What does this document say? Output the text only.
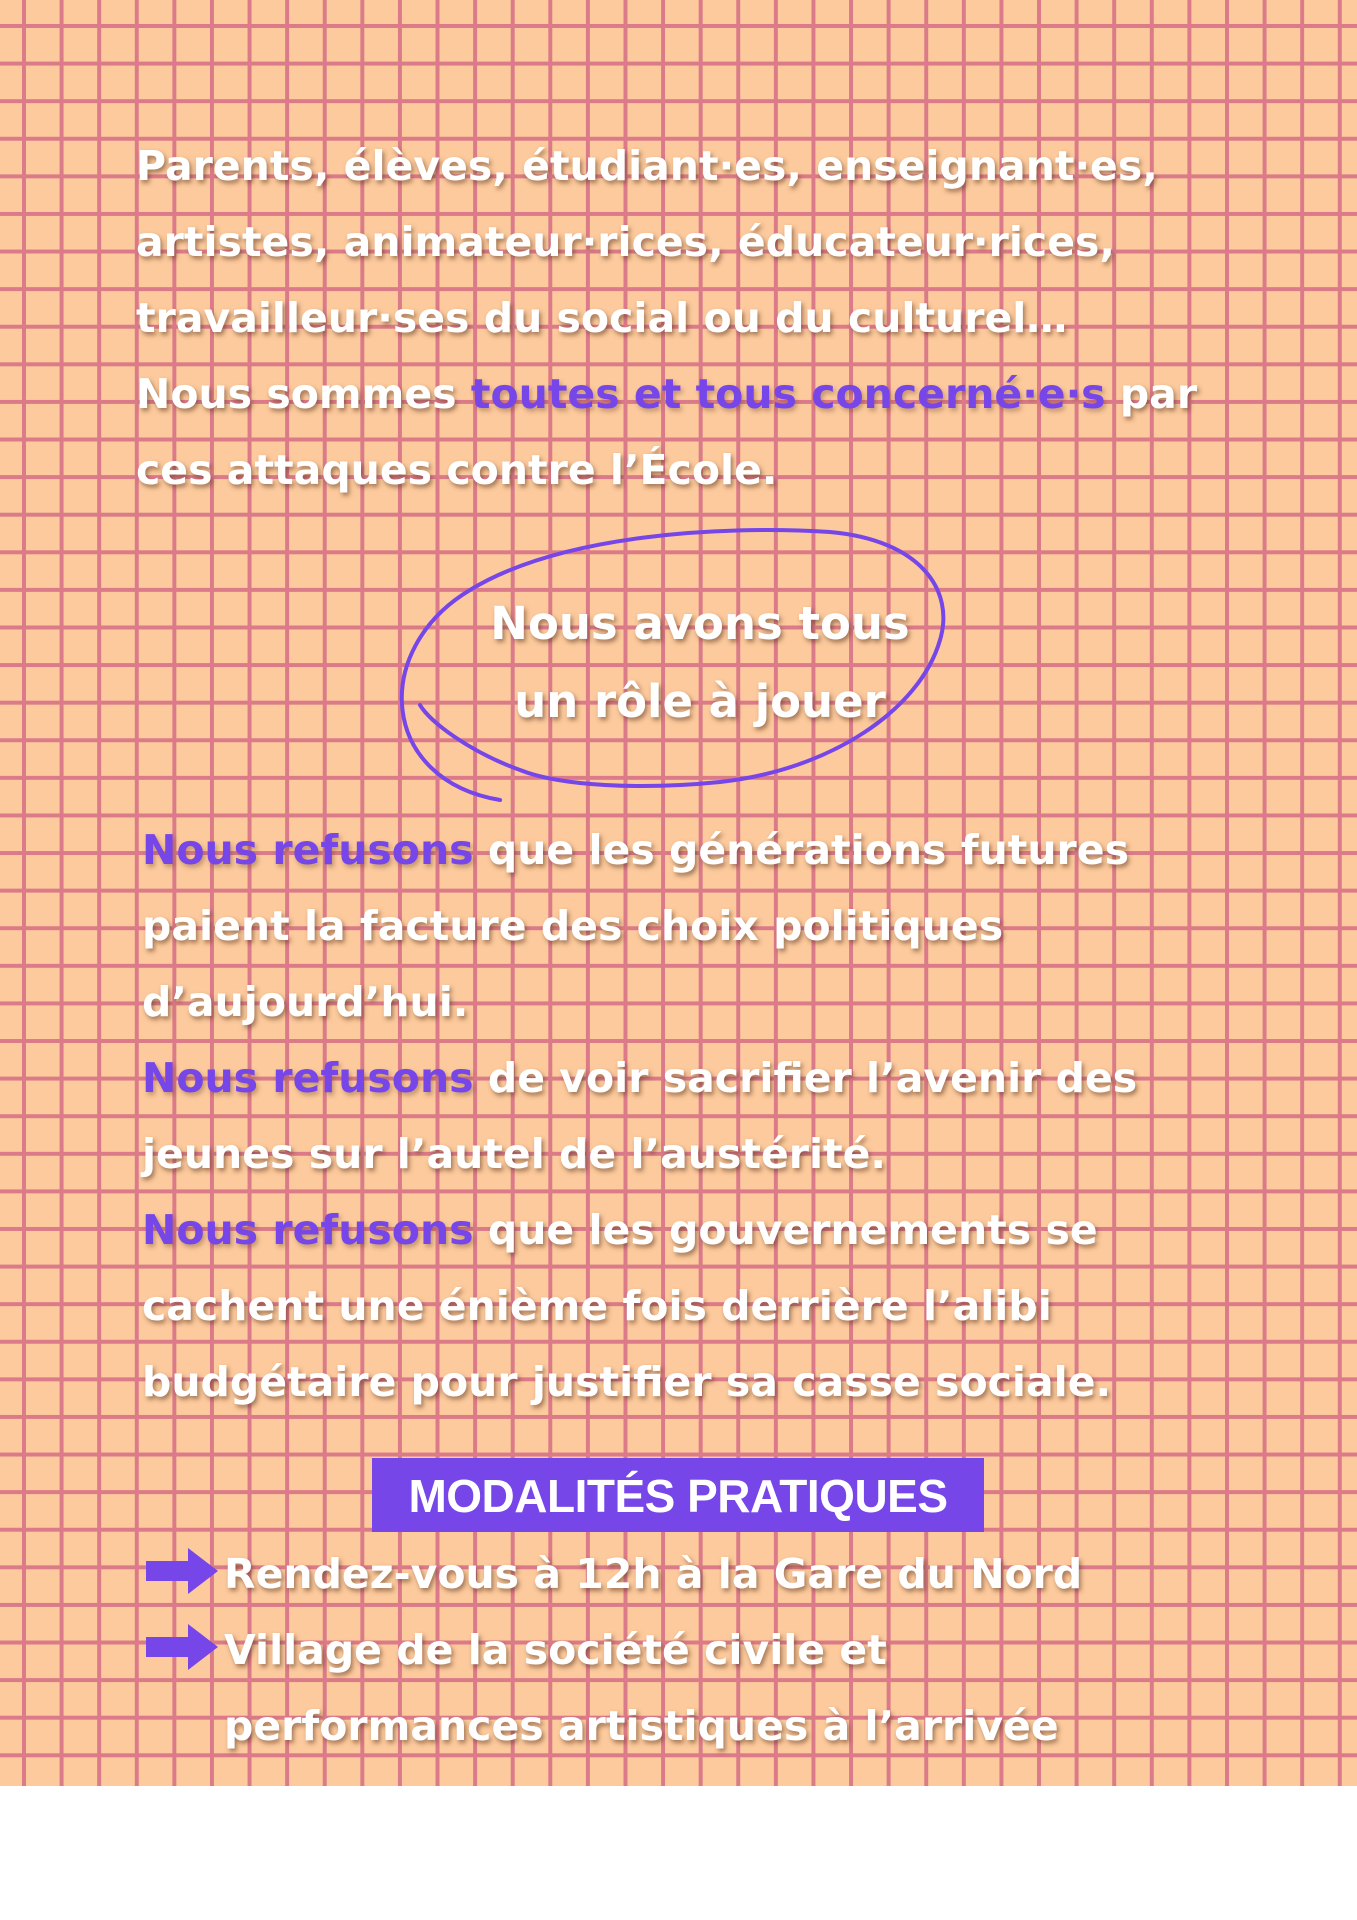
Parents, élèves, étudiant·es, enseignant·es,
artistes, animateur·rices, éducateur·rices,
travailleur·ses du social ou du culturel…
Nous sommes toutes et tous concerné·e·s par
ces attaques contre l’École.
Nous avons tous
un rôle à jouer
Nous refusons que les générations futures
paient la facture des choix politiques
d’aujourd’hui.
Nous refusons de voir sacrifier l’avenir des
jeunes sur l’autel de l’austérité.
Nous refusons que les gouvernements se
cachent une énième fois derrière l’alibi
budgétaire pour justifier sa casse sociale.
MODALITÉS PRATIQUES
Rendez-vous à 12h à la Gare du Nord
Village de la société civile et
performances artistiques à l’arrivée
